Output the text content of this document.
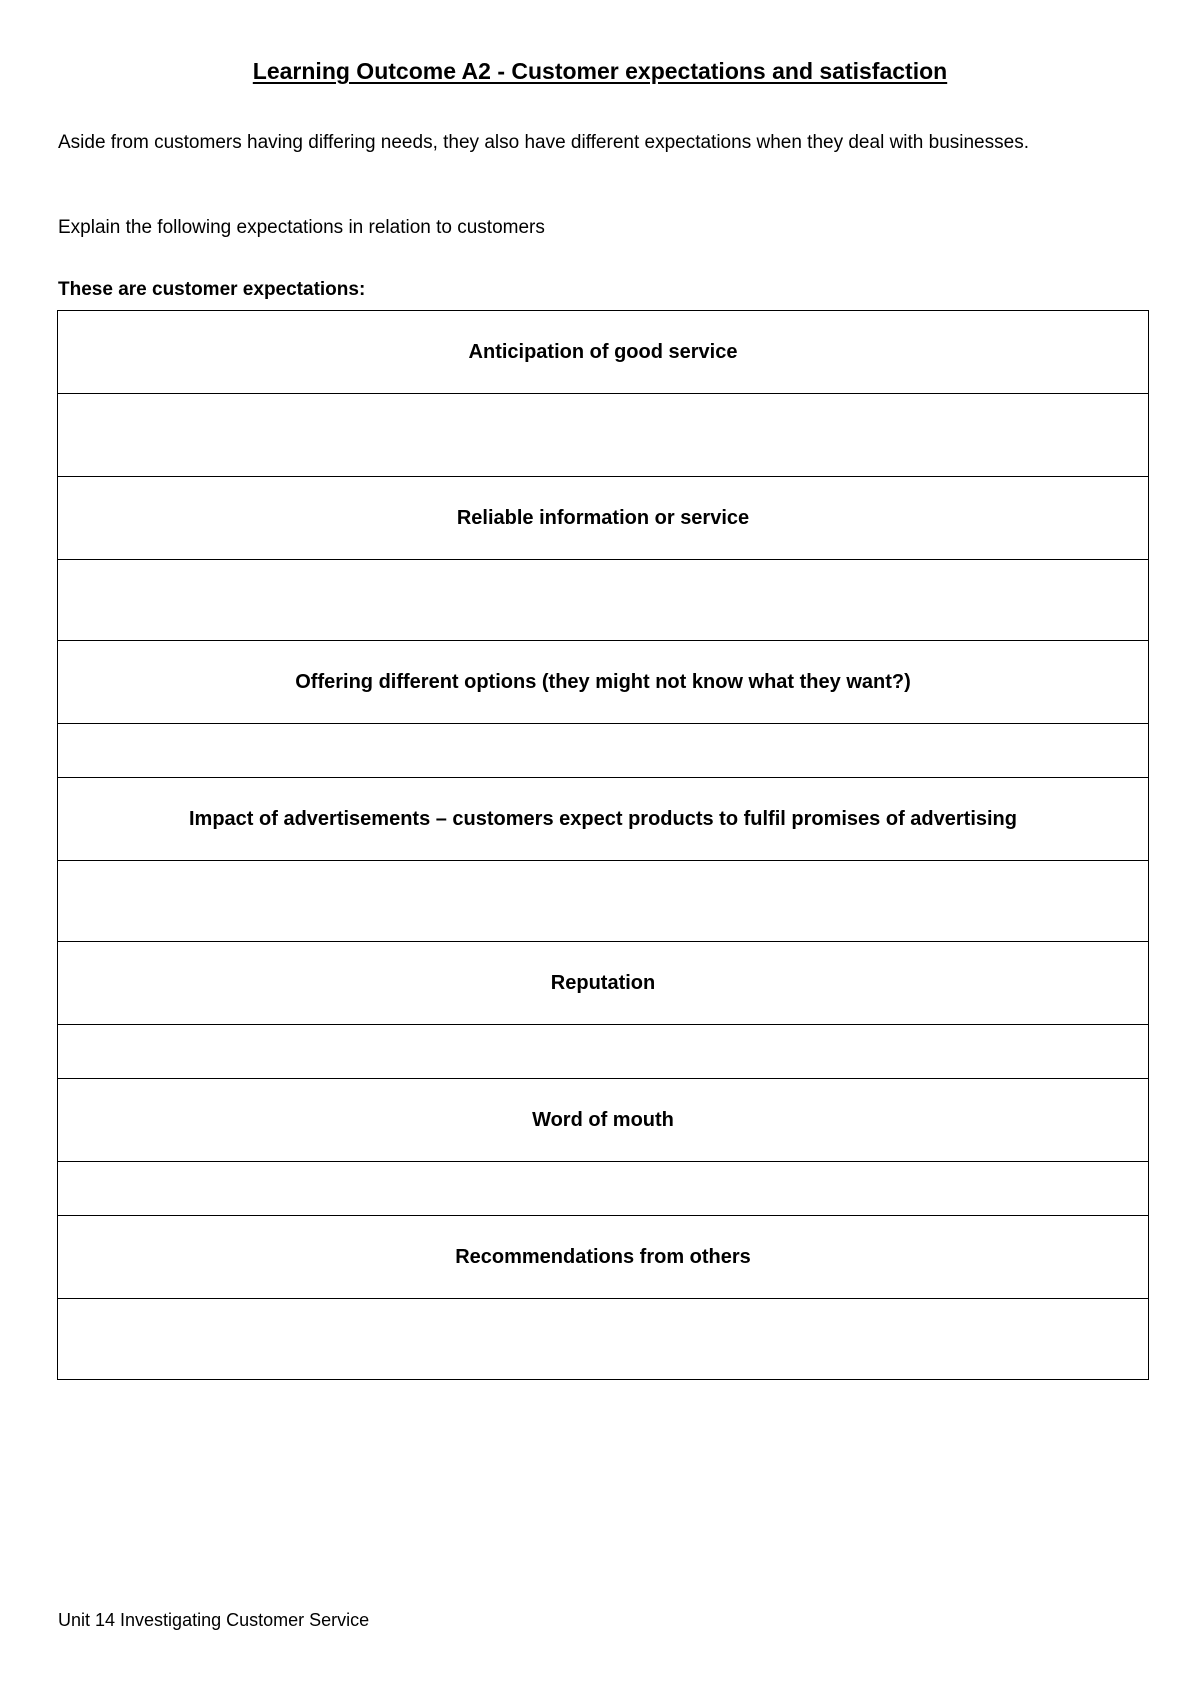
Learning Outcome A2 - Customer expectations and satisfaction

Aside from customers having differing needs, they also have different expectations when they deal with businesses.

Explain the following expectations in relation to customers

These are customer expectations:

Anticipation of good service

Reliable information or service

Offering different options (they might not know what they want?)

Impact of advertisements – customers expect products to fulfil promises of advertising

Reputation

Word of mouth

Recommendations from others

Unit 14 Investigating Customer Service
